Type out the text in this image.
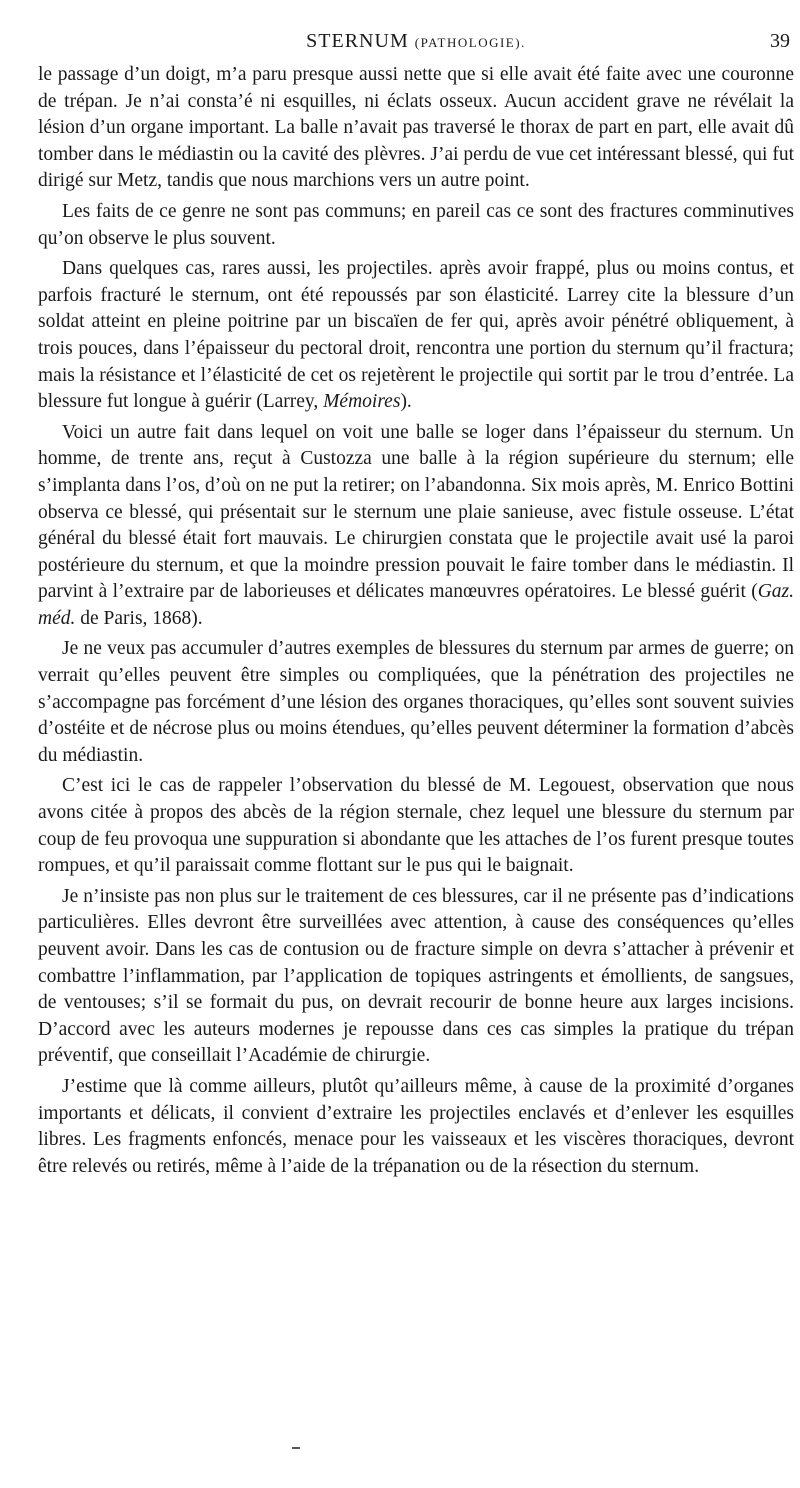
STERNUM (PATHOLOGIE).	39

le passage d’un doigt, m’a paru presque aussi nette que si elle avait été faite avec une couronne de trépan. Je n’ai consta’é ni esquilles, ni éclats osseux. Aucun accident grave ne révélait la lésion d’un organe important. La balle n’avait pas traversé le thorax de part en part, elle avait dû tomber dans le médiastin ou la cavité des plèvres. J’ai perdu de vue cet intéressant blessé, qui fut dirigé sur Metz, tandis que nous marchions vers un autre point.

Les faits de ce genre ne sont pas communs; en pareil cas ce sont des fractures comminutives qu’on observe le plus souvent.

Dans quelques cas, rares aussi, les projectiles. après avoir frappé, plus ou moins contus, et parfois fracturé le sternum, ont été repoussés par son élasticité. Larrey cite la blessure d’un soldat atteint en pleine poitrine par un biscaïen de fer qui, après avoir pénétré obliquement, à trois pouces, dans l’épaisseur du pectoral droit, rencontra une portion du sternum qu’il fractura; mais la résistance et l’élasticité de cet os rejetèrent le projectile qui sortit par le trou d’entrée. La blessure fut longue à guérir (Larrey, Mémoires).

Voici un autre fait dans lequel on voit une balle se loger dans l’épaisseur du sternum. Un homme, de trente ans, reçut à Custozza une balle à la région supérieure du sternum; elle s’implanta dans l’os, d’où on ne put la retirer; on l’abandonna. Six mois après, M. Enrico Bottini observa ce blessé, qui présentait sur le sternum une plaie sanieuse, avec fistule osseuse. L’état général du blessé était fort mauvais. Le chirurgien constata que le projectile avait usé la paroi postérieure du sternum, et que la moindre pression pouvait le faire tomber dans le médiastin. Il parvint à l’extraire par de laborieuses et délicates manœuvres opératoires. Le blessé guérit (Gaz. méd. de Paris, 1868).

Je ne veux pas accumuler d’autres exemples de blessures du sternum par armes de guerre; on verrait qu’elles peuvent être simples ou compliquées, que la pénétration des projectiles ne s’accompagne pas forcément d’une lésion des organes thoraciques, qu’elles sont souvent suivies d’ostéite et de nécrose plus ou moins étendues, qu’elles peuvent déterminer la formation d’abcès du médiastin.

C’est ici le cas de rappeler l’observation du blessé de M. Legouest, observation que nous avons citée à propos des abcès de la région sternale, chez lequel une blessure du sternum par coup de feu provoqua une suppuration si abondante que les attaches de l’os furent presque toutes rompues, et qu’il paraissait comme flottant sur le pus qui le baignait.

Je n’insiste pas non plus sur le traitement de ces blessures, car il ne présente pas d’indications particulières. Elles devront être surveillées avec attention, à cause des conséquences qu’elles peuvent avoir. Dans les cas de contusion ou de fracture simple on devra s’attacher à prévenir et combattre l’inflammation, par l’application de topiques astringents et émollients, de sangsues, de ventouses; s’il se formait du pus, on devrait recourir de bonne heure aux larges incisions. D’accord avec les auteurs modernes je repousse dans ces cas simples la pratique du trépan préventif, que conseillait l’Académie de chirurgie.

J’estime que là comme ailleurs, plutôt qu’ailleurs même, à cause de la proximité d’organes importants et délicats, il convient d’extraire les projectiles enclavés et d’enlever les esquilles libres. Les fragments enfoncés, menace pour les vaisseaux et les viscères thoraciques, devront être relevés ou retirés, même à l’aide de la trépanation ou de la résection du sternum.
